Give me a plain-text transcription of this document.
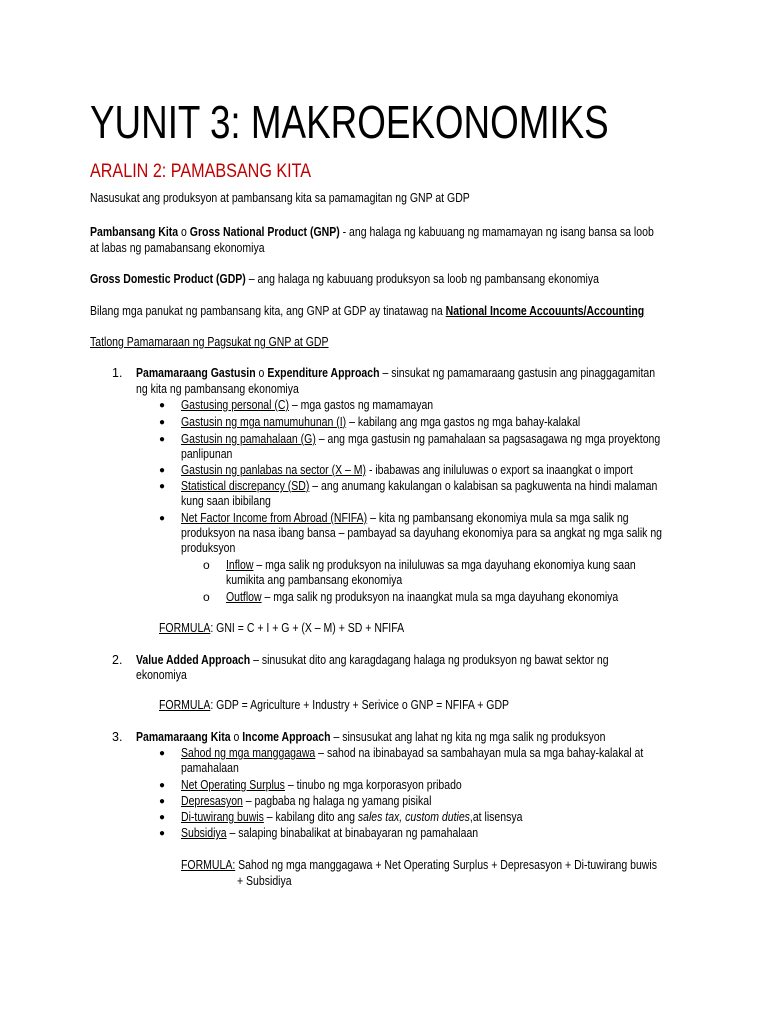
YUNIT 3: MAKROEKONOMIKS
ARALIN 2: PAMABSANG KITA
Nasusukat ang produksyon at pambansang kita sa pamamagitan ng GNP at GDP
Pambansang Kita o Gross National Product (GNP) - ang halaga ng kabuuang ng mamamayan ng isang bansa sa loob
at labas ng pamabansang ekonomiya
Gross Domestic Product (GDP) – ang halaga ng kabuuang produksyon sa loob ng pambansang ekonomiya
Bilang mga panukat ng pambansang kita, ang GNP at GDP ay tinatawag na National Income Accouunts/Accounting
Tatlong Pamamaraan ng Pagsukat ng GNP at GDP
1. Pamamaraang Gastusin o Expenditure Approach – sinsukat ng pamamaraang gastusin ang pinaggagamitan
ng kita ng pambansang ekonomiya
● Gastusing personal (C) – mga gastos ng mamamayan
● Gastusin ng mga namumuhunan (I) – kabilang ang mga gastos ng mga bahay-kalakal
● Gastusin ng pamahalaan (G) – ang mga gastusin ng pamahalaan sa pagsasagawa ng mga proyektong
panlipunan
● Gastusin ng panlabas na sector (X – M) - ibabawas ang iniluluwas o export sa inaangkat o import
● Statistical discrepancy (SD) – ang anumang kakulangan o kalabisan sa pagkuwenta na hindi malaman
kung saan ibibilang
● Net Factor Income from Abroad (NFIFA) – kita ng pambansang ekonomiya mula sa mga salik ng
produksyon na nasa ibang bansa – pambayad sa dayuhang ekonomiya para sa angkat ng mga salik ng
produksyon
o Inflow – mga salik ng produksyon na iniluluwas sa mga dayuhang ekonomiya kung saan
kumikita ang pambansang ekonomiya
o Outflow – mga salik ng produksyon na inaangkat mula sa mga dayuhang ekonomiya
FORMULA: GNI = C + I + G + (X – M) + SD + NFIFA
2. Value Added Approach – sinusukat dito ang karagdagang halaga ng produksyon ng bawat sektor ng
ekonomiya
FORMULA: GDP = Agriculture + Industry + Serivice o GNP = NFIFA + GDP
3. Pamamaraang Kita o Income Approach – sinsusukat ang lahat ng kita ng mga salik ng produksyon
● Sahod ng mga manggagawa – sahod na ibinabayad sa sambahayan mula sa mga bahay-kalakal at
pamahalaan
● Net Operating Surplus – tinubo ng mga korporasyon pribado
● Depresasyon – pagbaba ng halaga ng yamang pisikal
● Di-tuwirang buwis – kabilang dito ang sales tax, custom duties,at lisensya
● Subsidiya – salaping binabalikat at binabayaran ng pamahalaan
FORMULA: Sahod ng mga manggagawa + Net Operating Surplus + Depresasyon + Di-tuwirang buwis
+ Subsidiya
